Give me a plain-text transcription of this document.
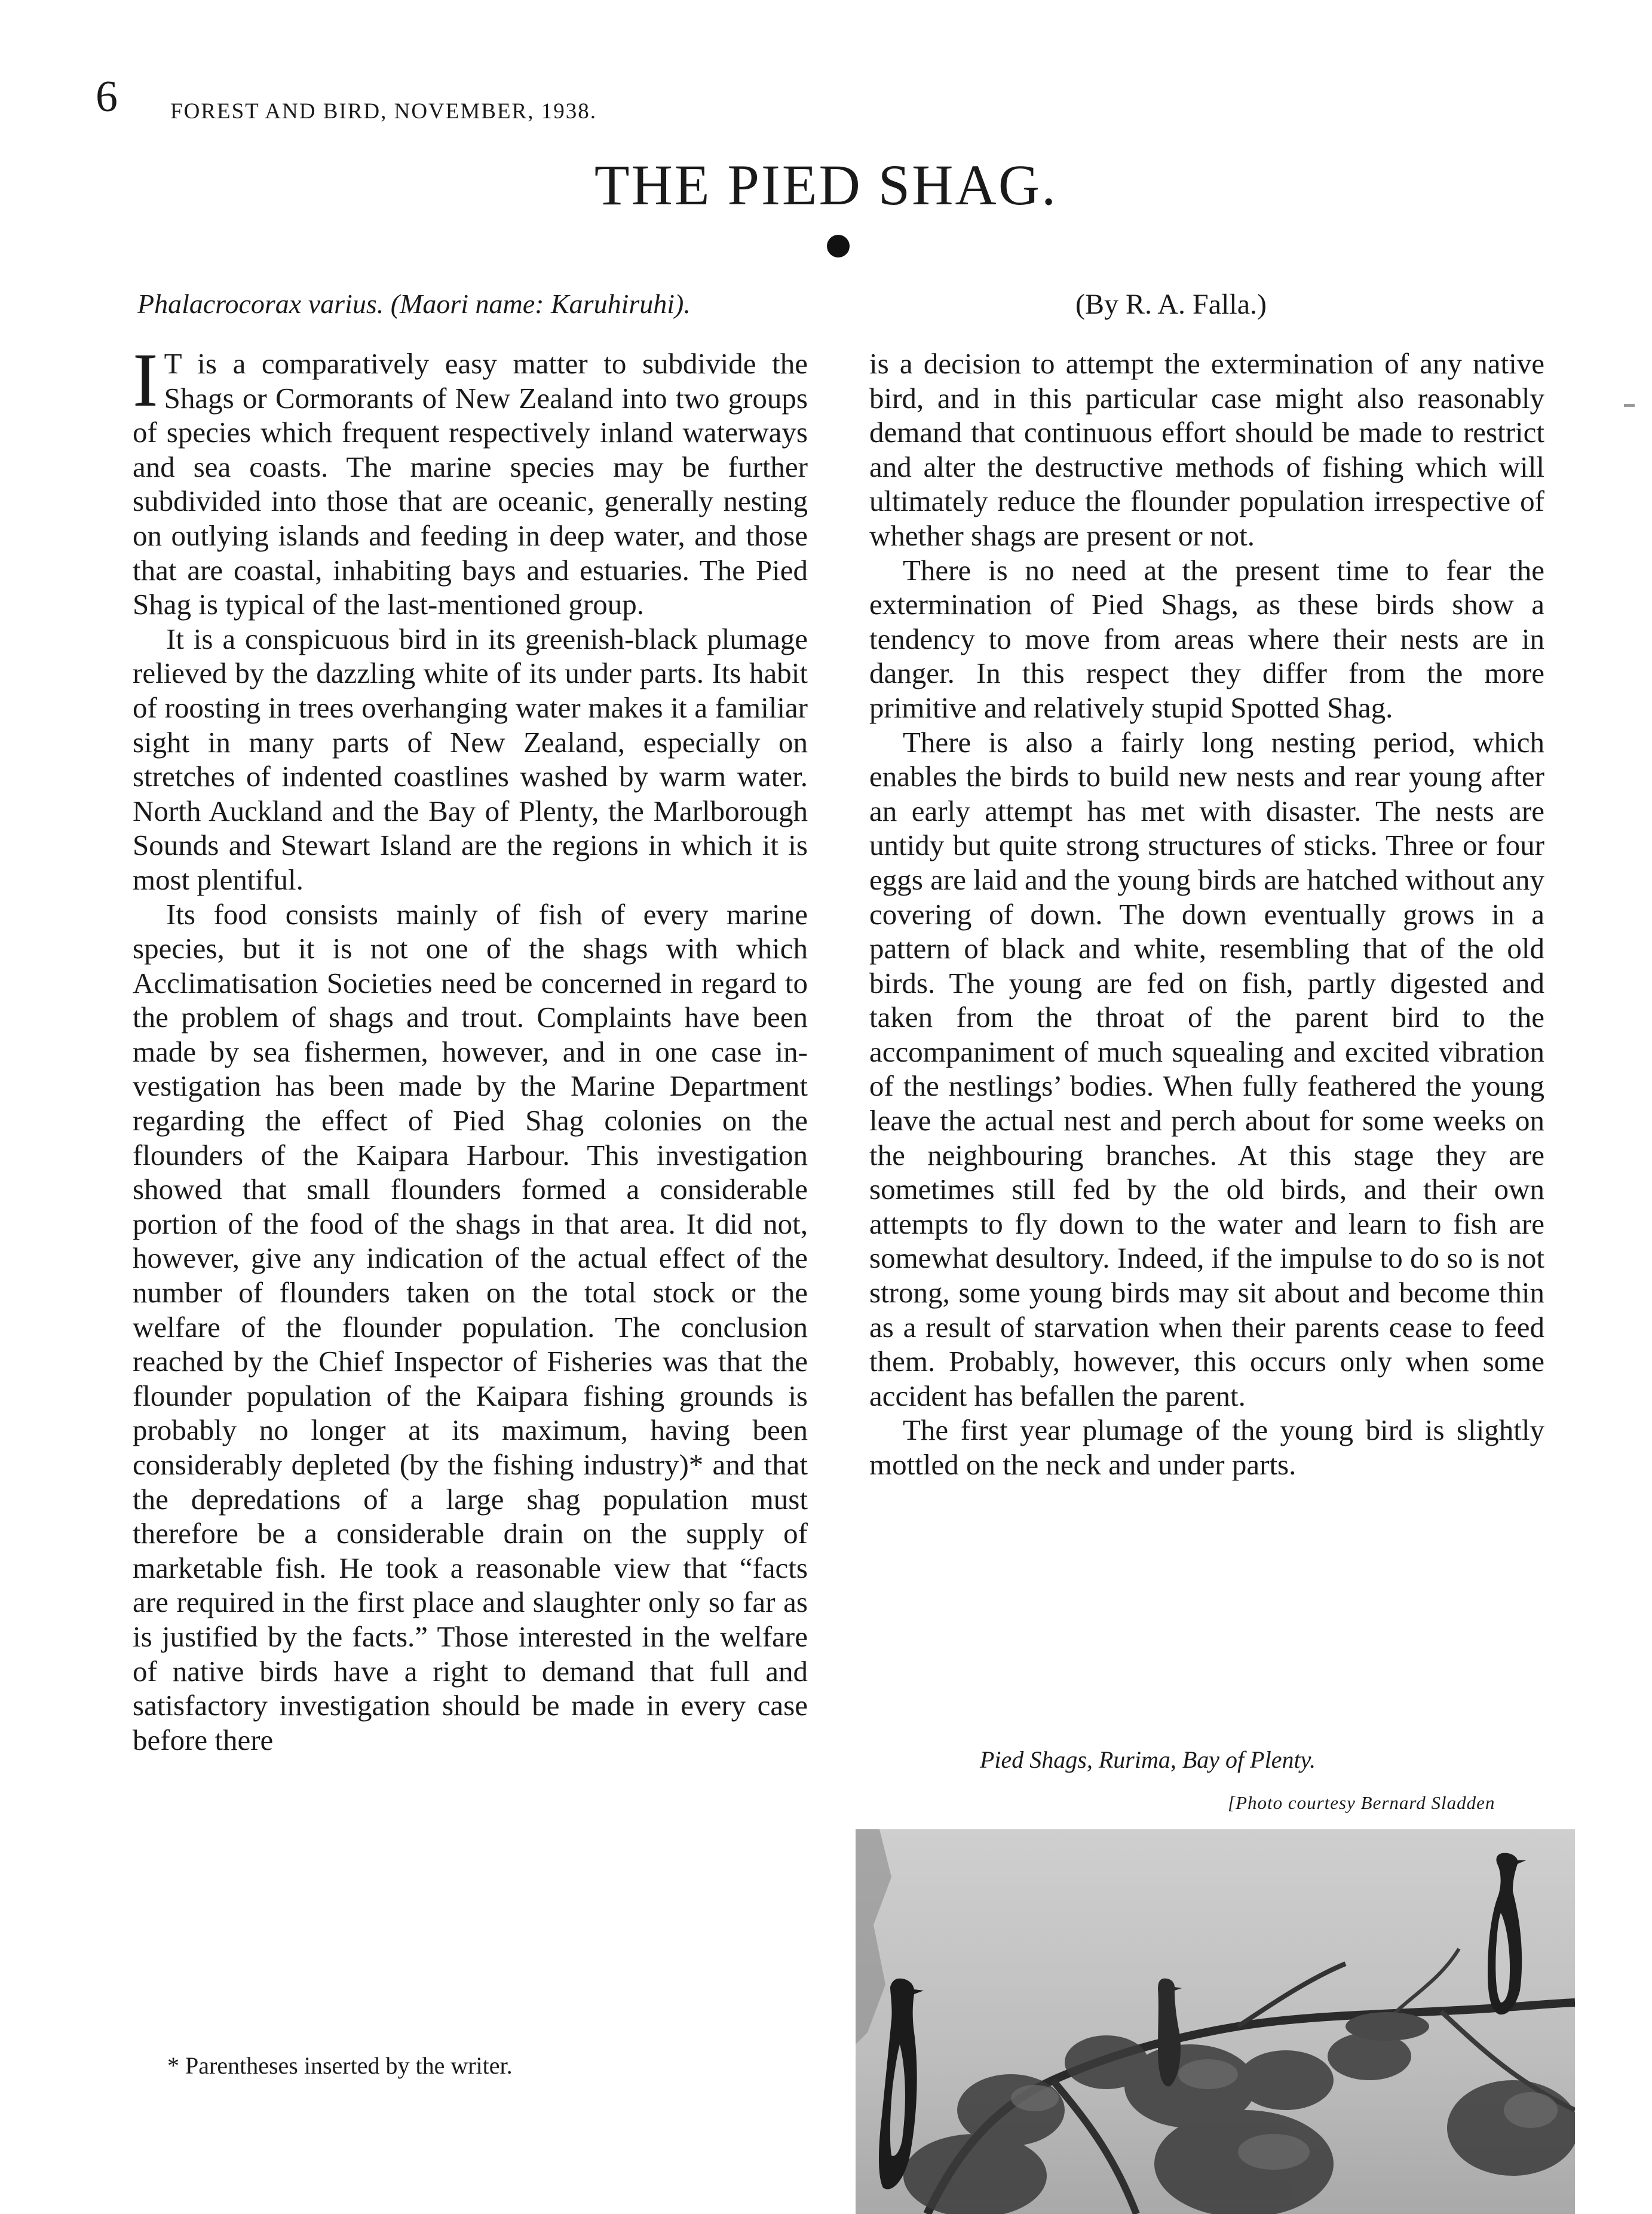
6 FOREST AND BIRD, NOVEMBER, 1938.
THE PIED SHAG.
Phalacrocorax varius. (Maori name: Karuhiruhi).	(By R. A. Falla.)

I T is a comparatively easy matter to subdivide the Shags or Cormorants of New Zealand into two groups of species which frequent respectively inland waterways and sea coasts. The marine species may be further subdivided into those that are oceanic, generally nesting on outlying islands and feeding in deep water, and those that are coastal, inhabiting bays and estuaries. The Pied Shag is typical of the last-mentioned group.

It is a conspicuous bird in its greenish-black plumage relieved by the dazzling white of its under parts. Its habit of roosting in trees overhanging water makes it a familiar sight in many parts of New Zealand, especially on stretches of indented coastlines washed by warm water. North Auckland and the Bay of Plenty, the Marlborough Sounds and Stewart Island are the regions in which it is most plentiful.

Its food consists mainly of fish of every marine species, but it is not one of the shags with which Acclimatisation Societies need be concerned in regard to the problem of shags and trout. Complaints have been made by sea fishermen, however, and in one case investigation has been made by the Marine Department regarding the effect of Pied Shag colonies on the flounders of the Kaipara Harbour. This investigation showed that small flounders formed a considerable portion of the food of the shags in that area. It did not, however, give any indication of the actual effect of the number of flounders taken on the total stock or the welfare of the flounder population. The conclusion reached by the Chief Inspector of Fisheries was that the flounder population of the Kaipara fishing grounds is probably no longer at its maximum, having been considerably depleted (by the fishing industry)* and that the depredations of a large shag population must therefore be a considerable drain on the supply of marketable fish. He took a reasonable view that “facts are required in the first place and slaughter only so far as is justified by the facts.” Those interested in the welfare of native birds have a right to demand that full and satisfactory investigation should be made in every case before there

is a decision to attempt the extermination of any native bird, and in this particular case might also reasonably demand that continuous effort should be made to restrict and alter the destructive methods of fishing which will ultimately reduce the flounder population irrespective of whether shags are present or not.

There is no need at the present time to fear the extermination of Pied Shags, as these birds show a tendency to move from areas where their nests are in danger. In this respect they differ from the more primitive and relatively stupid Spotted Shag.

There is also a fairly long nesting period, which enables the birds to build new nests and rear young after an early attempt has met with disaster. The nests are untidy but quite strong structures of sticks. Three or four eggs are laid and the young birds are hatched without any covering of down. The down eventually grows in a pattern of black and white, resembling that of the old birds. The young are fed on fish, partly digested and taken from the throat of the parent bird to the accompaniment of much squealing and excited vibration of the nestlings’ bodies. When fully feathered the young leave the actual nest and perch about for some weeks on the neighbouring branches. At this stage they are sometimes still fed by the old birds, and their own attempts to fly down to the water and learn to fish are somewhat desultory. Indeed, if the impulse to do so is not strong, some young birds may sit about and become thin as a result of starvation when their parents cease to feed them. Probably, however, this occurs only when some accident has befallen the parent.

The first year plumage of the young bird is slightly mottled on the neck and under parts.

* Parentheses inserted by the writer.
Pied Shags, Rurima, Bay of Plenty.
[Photo courtesy Bernard Sladden
